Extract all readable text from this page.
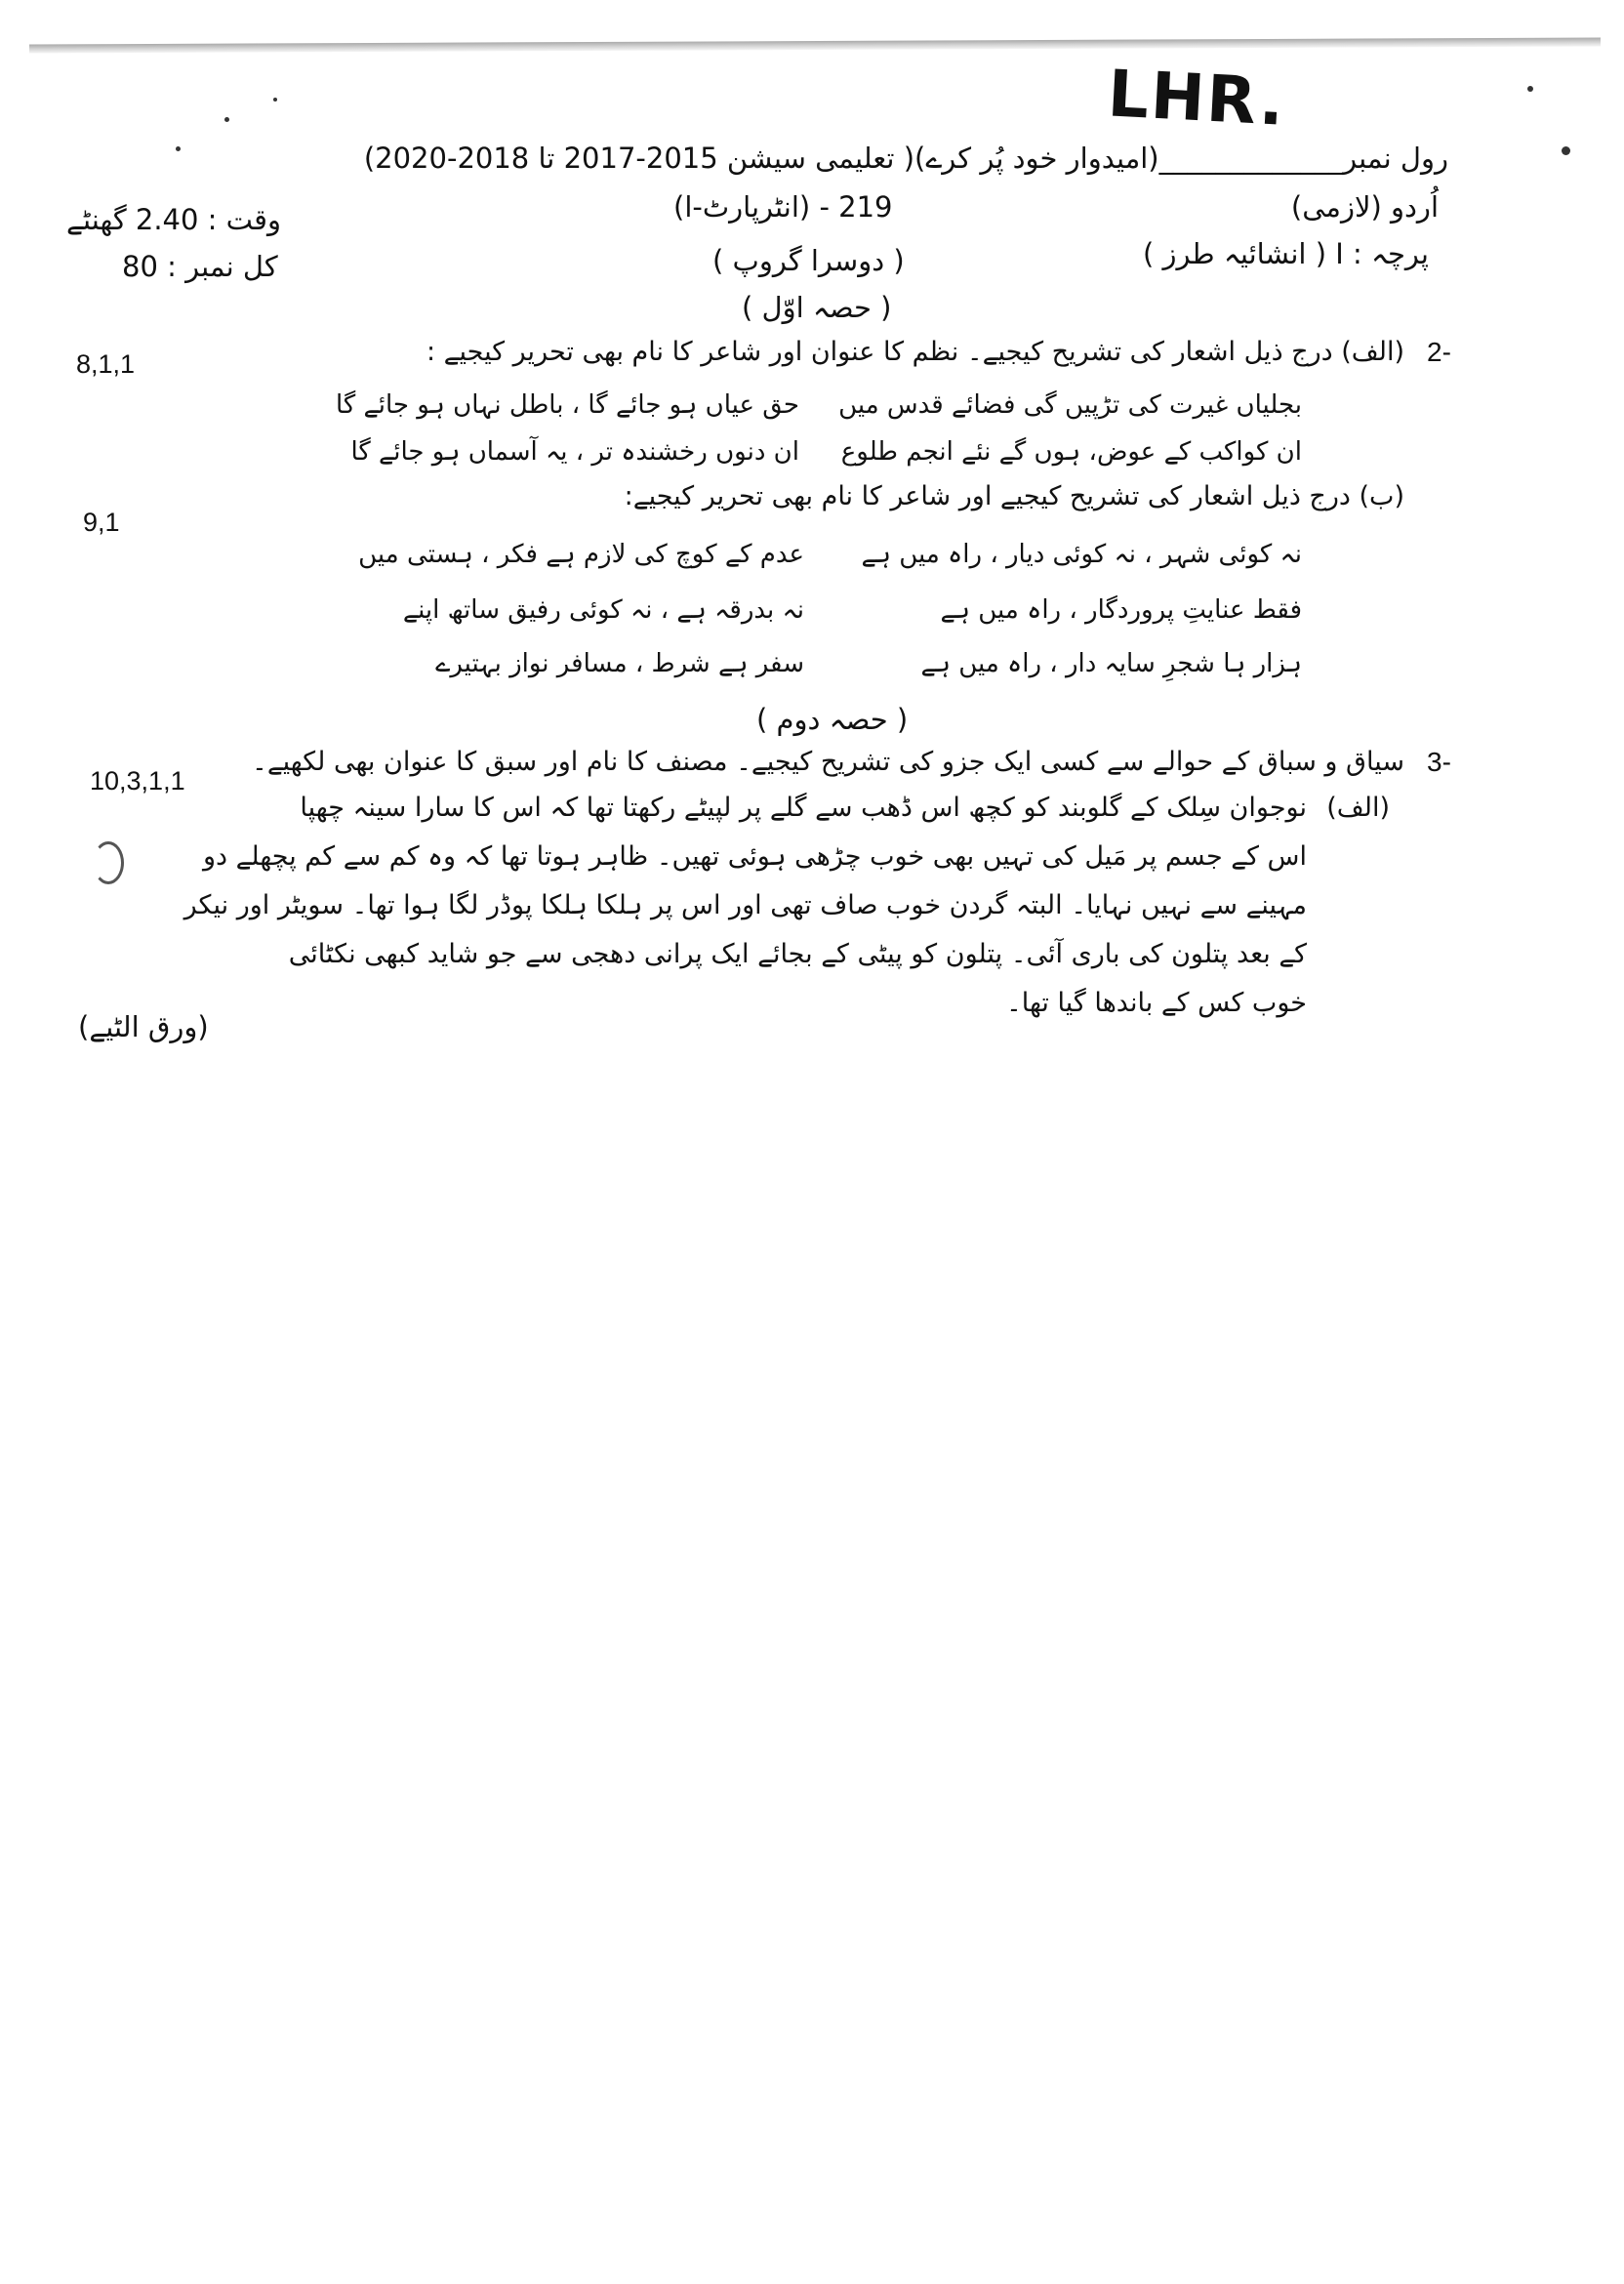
LHR.
رول نمبر_____________(امیدوار خود پُر کرے)( تعلیمی سیشن 2015-2017 تا 2018-2020)
اُردو (لازمی)
219 - (انٹرپارٹ-ا)
وقت : 2.40 گھنٹے
پرچہ : I ( انشائیہ طرز )
( دوسرا گروپ )
کل نمبر : 80
( حصہ اوّل )
2-
(الف) درج ذیل اشعار کی تشریح کیجیے۔ نظم کا عنوان اور شاعر کا نام بھی تحریر کیجیے :
8,1,1
بجلیاں غیرت کی تڑپیں گی فضائے قدس میں
حق عیاں ہو جائے گا ، باطل نہاں ہو جائے گا
ان کواکب کے عوض، ہوں گے نئے انجم طلوع
ان دنوں رخشندہ تر ، یہ آسماں ہو جائے گا
(ب) درج ذیل اشعار کی تشریح کیجیے اور شاعر کا نام بھی تحریر کیجیے:
9,1
عدم کے کوچ کی لازم ہے فکر ، ہستی میں نہ کوئی شہر ، نہ کوئی دیار ، راہ میں ہے
نہ بدرقہ ہے ، نہ کوئی رفیق ساتھ اپنے	فقط عنایتِ پروردگار ، راہ میں ہے
سفر ہے شرط ، مسافر نواز بہتیرے	ہزار ہا شجرِ سایہ دار ، راہ میں ہے
( حصہ دوم )
3-
سیاق و سباق کے حوالے سے کسی ایک جزو کی تشریح کیجیے۔ مصنف کا نام اور سبق کا عنوان بھی لکھیے۔
10,3,1,1
(الف)
نوجوان سِلک کے گلوبند کو کچھ اس ڈھب سے گلے پر لپیٹے رکھتا تھا کہ اس کا سارا سینہ چھپا
اس کے جسم پر مَیل کی تہیں بھی خوب چڑھی ہوئی تھیں۔ ظاہر ہوتا تھا کہ وہ کم سے کم پچھلے دو
مہینے سے نہیں نہایا۔ البتہ گردن خوب صاف تھی اور اس پر ہلکا ہلکا پوڈر لگا ہوا تھا۔ سویٹر اور نیکر
کے بعد پتلون کی باری آئی۔ پتلون کو پیٹی کے بجائے ایک پرانی دھجی سے جو شاید کبھی نکٹائی
خوب کس کے باندھا گیا تھا۔
(ورق الٹیے)
